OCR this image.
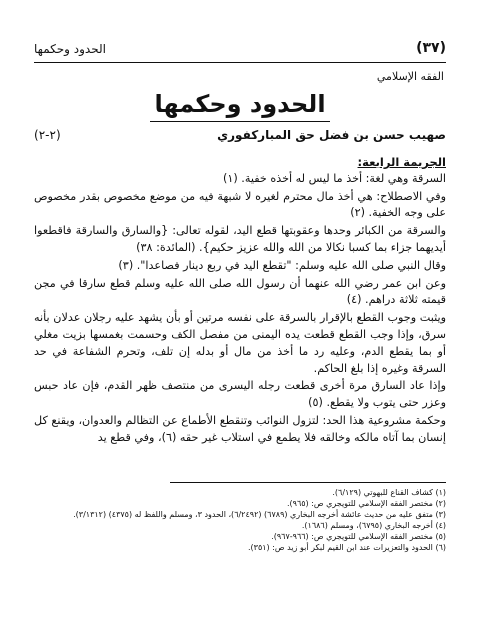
(٣٧)
الحدود وحكمها
الفقه الإسلامي
الحدود وحكمها
صهيب حسن بن فضل حق المباركفوري
(٢-٢)
الجريمة الرابعة:

السرقة وهي لغة: أخذ ما ليس له أخذه خفية. (١)

وفي الاصطلاح: هي أخذ مال محترم لغيره لا شبهة فيه من موضع مخصوص بقدر مخصوص على وجه الخفية. (٢)

والسرقة من الكبائر وحدها وعقوبتها قطع اليد، لقوله تعالى: {والسارق والسارقة فاقطعوا أيديهما جزاء بما كسبا نكالا من الله والله عزيز حكيم}. (المائدة: ٣٨)

وقال النبي صلى الله عليه وسلم: "تقطع اليد في ربع دينار فصاعدا". (٣)

وعن ابن عمر رضي الله عنهما أن رسول الله صلى الله عليه وسلم قطع سارقا في مجن قيمته ثلاثة دراهم. (٤)

ويثبت وجوب القطع بالإقرار بالسرقة على نفسه مرتين أو بأن يشهد عليه رجلان عدلان بأنه سرق، وإذا وجب القطع قطعت يده اليمنى من مفصل الكف وحسمت بغمسها بزيت مغلي أو بما يقطع الدم، وعليه رد ما أخذ من مال أو بدله إن تلف، وتحرم الشفاعة في حد السرقة وغيره إذا بلغ الحاكم.

وإذا عاد السارق مرة أخرى قطعت رجله اليسرى من منتصف ظهر القدم، فإن عاد حبس وعزر حتى يتوب ولا يقطع. (٥)

وحكمة مشروعية هذا الحد: لتزول النوائب وتنقطع الأطماع عن التظالم والعدوان، ويقنع كل إنسان بما آتاه مالكه وخالقه فلا يطمع في استلاب غير حقه (٦)، وفي قطع يد

(١) كشاف القناع للبهوتي (٦/١٢٩).
(٢) مختصر الفقه الإسلامي للتويجري ص: (٩٦٥).
(٣) متفق عليه من حديث عائشة أخرجه البخاري (٦٧٨٩) (٦/٢٤٩٢)، الحدود ٣، ومسلم واللفظ له (٤٣٧٥) (٣/١٣١٢).
(٤) أخرجه البخاري (٦٧٩٥)، ومسلم (١٦٨٦).
(٥) مختصر الفقه الإسلامي للتويجري ص: (٩٦٦-٩٦٧).
(٦) الحدود والتعزيرات عند ابن القيم لبكر أبو زيد ص: (٣٥١).
